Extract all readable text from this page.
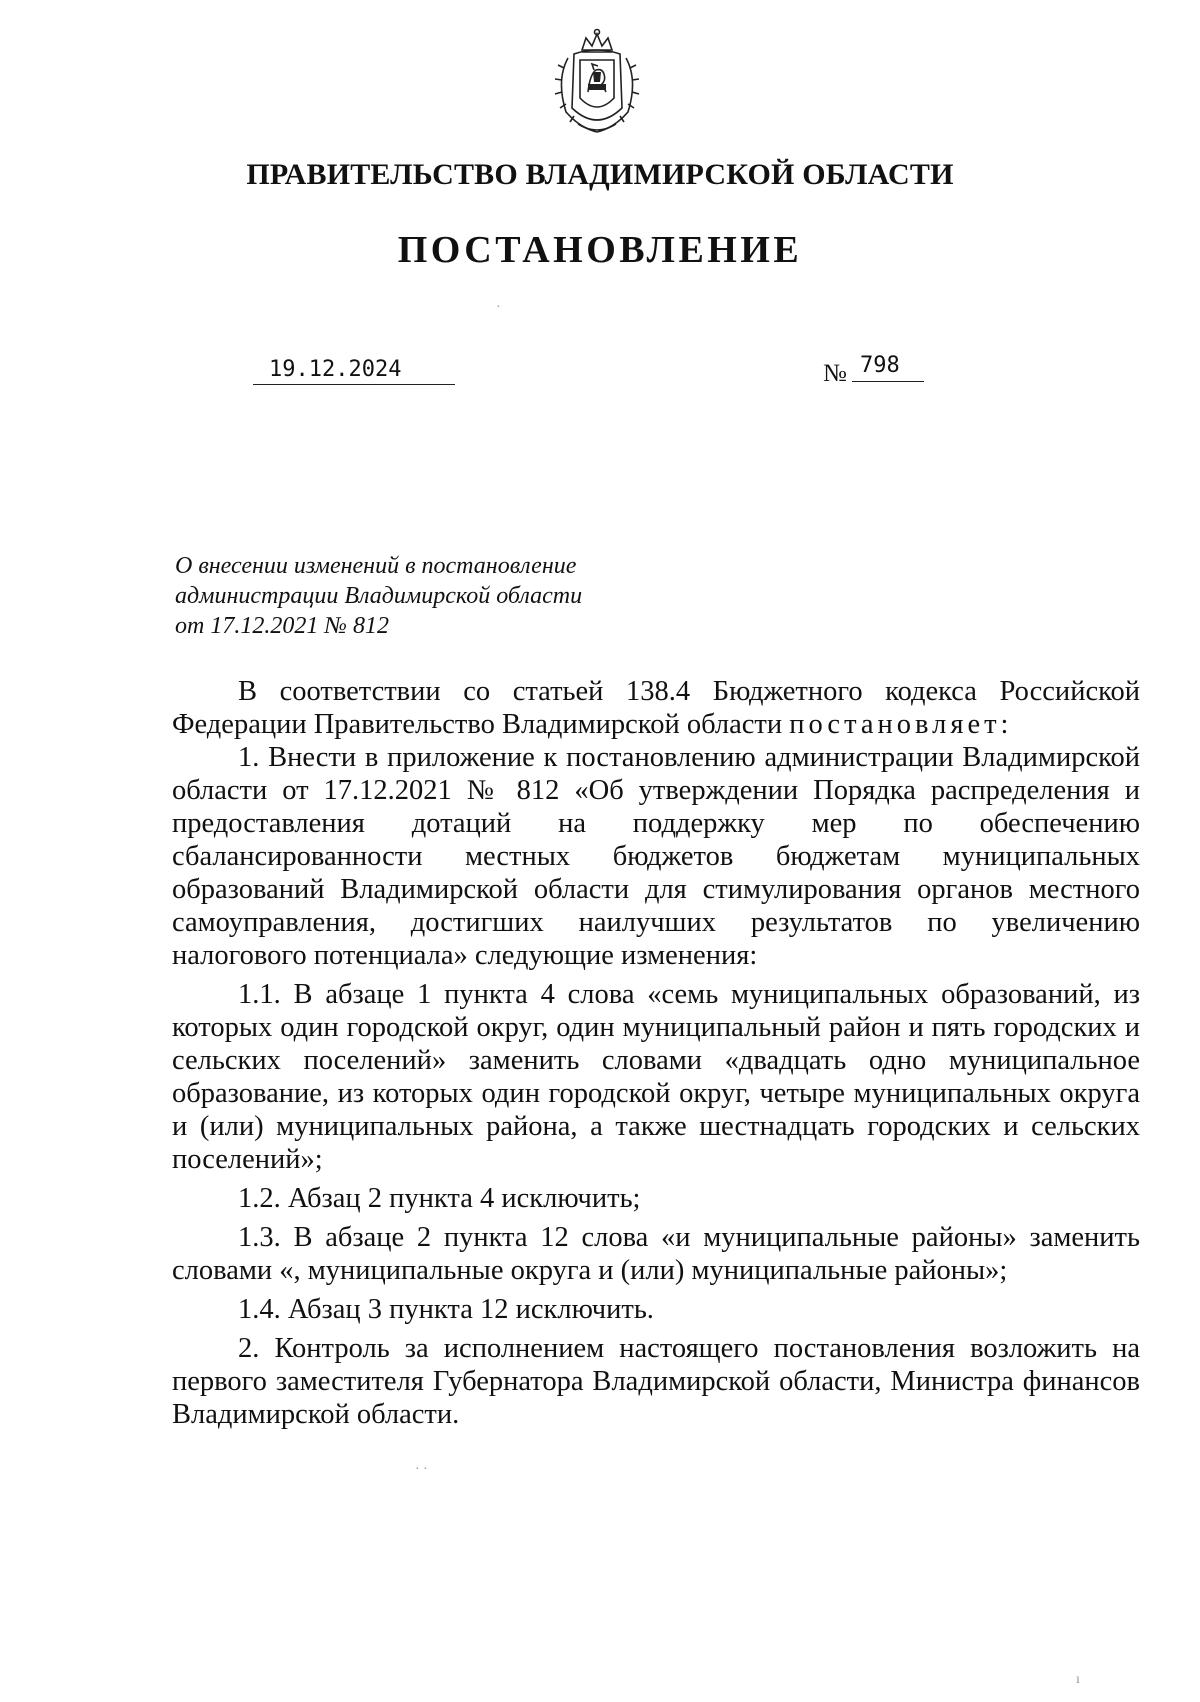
ПРАВИТЕЛЬСТВО ВЛАДИМИРСКОЙ ОБЛАСТИ
ПОСТАНОВЛЕНИЕ
19.12.2024	№ 798
О внесении изменений в постановление
администрации Владимирской области
от 17.12.2021 № 812

В соответствии со статьей 138.4 Бюджетного кодекса Российской Федерации Правительство Владимирской области постановляет:

1. Внести в приложение к постановлению администрации Владимирской области от 17.12.2021 № 812 «Об утверждении Порядка распределения и предоставления дотаций на поддержку мер по обеспечению сбалансированности местных бюджетов бюджетам муниципальных образований Владимирской области для стимулирования органов местного самоуправления, достигших наилучших результатов по увеличению налогового потенциала» следующие изменения:

1.1. В абзаце 1 пункта 4 слова «семь муниципальных образований, из которых один городской округ, один муниципальный район и пять городских и сельских поселений» заменить словами «двадцать одно муниципальное образование, из которых один городской округ, четыре муниципальных округа и (или) муниципальных района, а также шестнадцать городских и сельских поселений»;

1.2. Абзац 2 пункта 4 исключить;

1.3. В абзаце 2 пункта 12 слова «и муниципальные районы» заменить словами «, муниципальные округа и (или) муниципальные районы»;

1.4. Абзац 3 пункта 12 исключить.

2. Контроль за исполнением настоящего постановления возложить на первого заместителя Губернатора Владимирской области, Министра финансов Владимирской области.

·
· ·
ı
